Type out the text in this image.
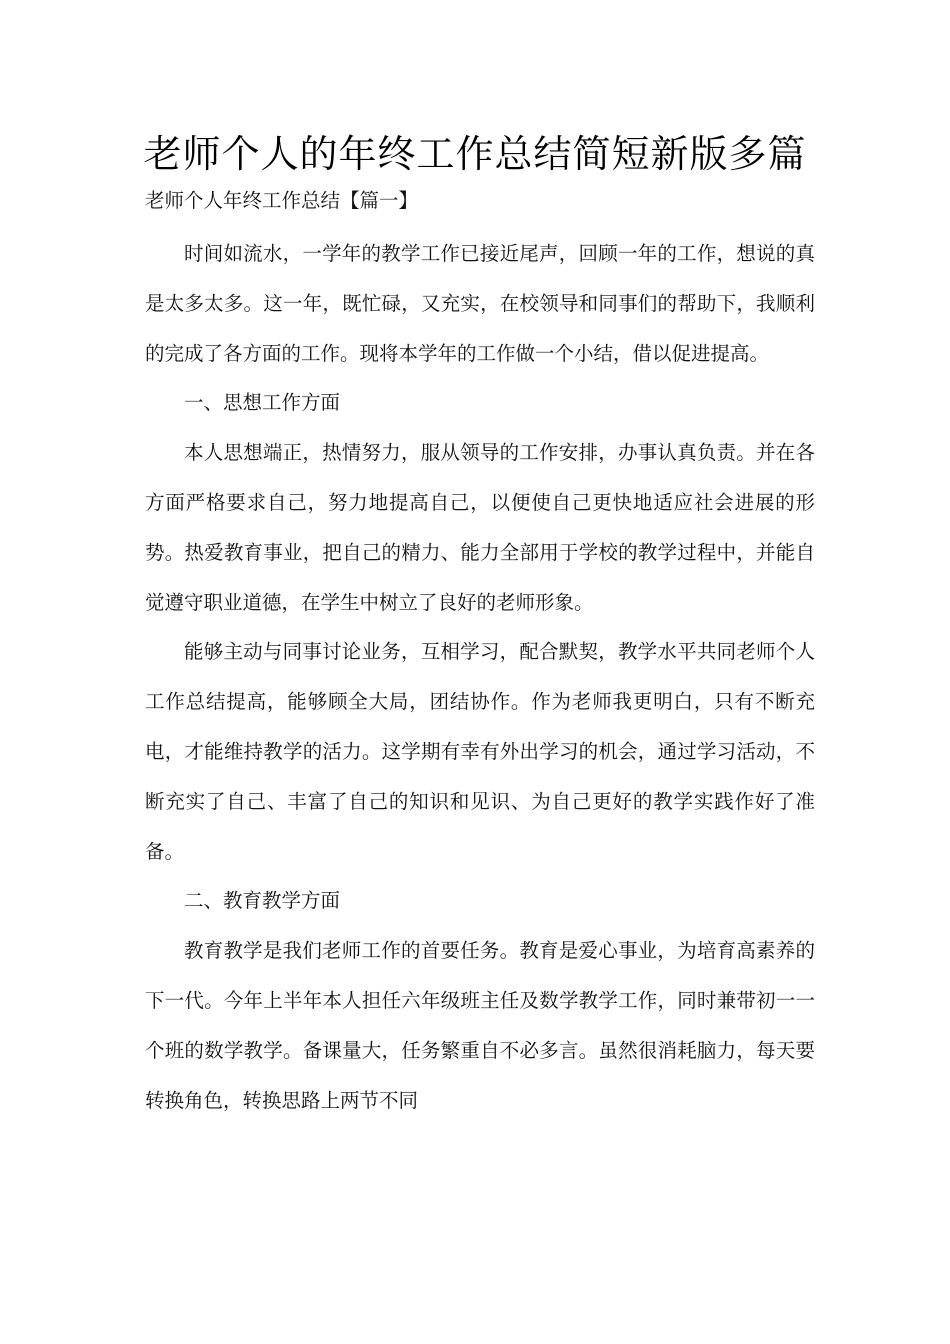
老师个人的年终工作总结简短新版多篇

老师个人年终工作总结【篇一】

时间如流水，一学年的教学工作已接近尾声，回顾一年的工作，想说的真是太多太多。这一年，既忙碌，又充实，在校领导和同事们的帮助下，我顺利的完成了各方面的工作。现将本学年的工作做一个小结，借以促进提高。

一、思想工作方面

本人思想端正，热情努力，服从领导的工作安排，办事认真负责。并在各方面严格要求自己，努力地提高自己，以便使自己更快地适应社会进展的形势。热爱教育事业，把自己的精力、能力全部用于学校的教学过程中，并能自觉遵守职业道德，在学生中树立了良好的老师形象。

能够主动与同事讨论业务，互相学习，配合默契，教学水平共同老师个人工作总结提高，能够顾全大局，团结协作。作为老师我更明白，只有不断充电，才能维持教学的活力。这学期有幸有外出学习的机会，通过学习活动，不断充实了自己、丰富了自己的知识和见识、为自己更好的教学实践作好了准备。

二、教育教学方面

教育教学是我们老师工作的首要任务。教育是爱心事业，为培育高素养的下一代。今年上半年本人担任六年级班主任及数学教学工作，同时兼带初一一个班的数学教学。备课量大，任务繁重自不必多言。虽然很消耗脑力，每天要转换角色，转换思路上两节不同
